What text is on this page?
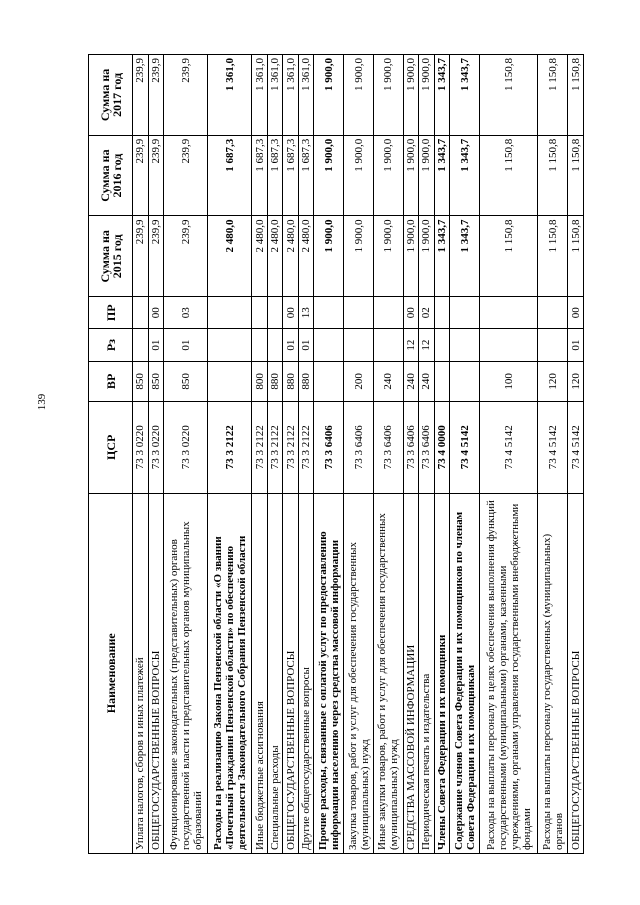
139
Наименование	ЦСР	ВР	Рз	ПР	Сумма на 2015 год	Сумма на 2016 год	Сумма на 2017 год
Уплата налогов, сборов и иных платежей	73 3 0220	850			239,9	239,9	239,9
ОБЩЕГОСУДАРСТВЕННЫЕ ВОПРОСЫ	73 3 0220	850	01	00	239,9	239,9	239,9
Функционирование законодательных (представительных) органов государственной власти и представительных органов муниципальных образований	73 3 0220	850	01	03	239,9	239,9	239,9
Расходы на реализацию Закона Пензенской области «О звании «Почетный гражданин Пензенской области» по обеспечению деятельности Законодательного Собрания Пензенской области	73 3 2122				2 480,0	1 687,3	1 361,0
Иные бюджетные ассигнования	73 3 2122	800			2 480,0	1 687,3	1 361,0
Специальные расходы	73 3 2122	880			2 480,0	1 687,3	1 361,0
ОБЩЕГОСУДАРСТВЕННЫЕ ВОПРОСЫ	73 3 2122	880	01	00	2 480,0	1 687,3	1 361,0
Другие общегосударственные вопросы	73 3 2122	880	01	13	2 480,0	1 687,3	1 361,0
Прочие расходы, связанные с оплатой услуг по предоставлению информации населению через средства массовой информации	73 3 6406				1 900,0	1 900,0	1 900,0
Закупка товаров, работ и услуг для обеспечения государственных (муниципальных) нужд	73 3 6406	200			1 900,0	1 900,0	1 900,0
Иные закупки товаров, работ и услуг для обеспечения государственных (муниципальных) нужд	73 3 6406	240			1 900,0	1 900,0	1 900,0
СРЕДСТВА МАССОВОЙ ИНФОРМАЦИИ	73 3 6406	240	12	00	1 900,0	1 900,0	1 900,0
Периодическая печать и издательства	73 3 6406	240	12	02	1 900,0	1 900,0	1 900,0
Члены Совета Федерации и их помощники	73 4 0000				1 343,7	1 343,7	1 343,7
Содержание членов Совета Федерации и их помощников по членам Совета Федерации и их помощникам	73 4 5142				1 343,7	1 343,7	1 343,7
Расходы на выплаты персоналу в целях обеспечения выполнения функций государственными (муниципальными) органами, казенными учреждениями, органами управления государственными внебюджетными фондами	73 4 5142	100			1 150,8	1 150,8	1 150,8
Расходы на выплаты персоналу государственных (муниципальных) органов	73 4 5142	120			1 150,8	1 150,8	1 150,8
ОБЩЕГОСУДАРСТВЕННЫЕ ВОПРОСЫ	73 4 5142	120	01	00	1 150,8	1 150,8	1 150,8
